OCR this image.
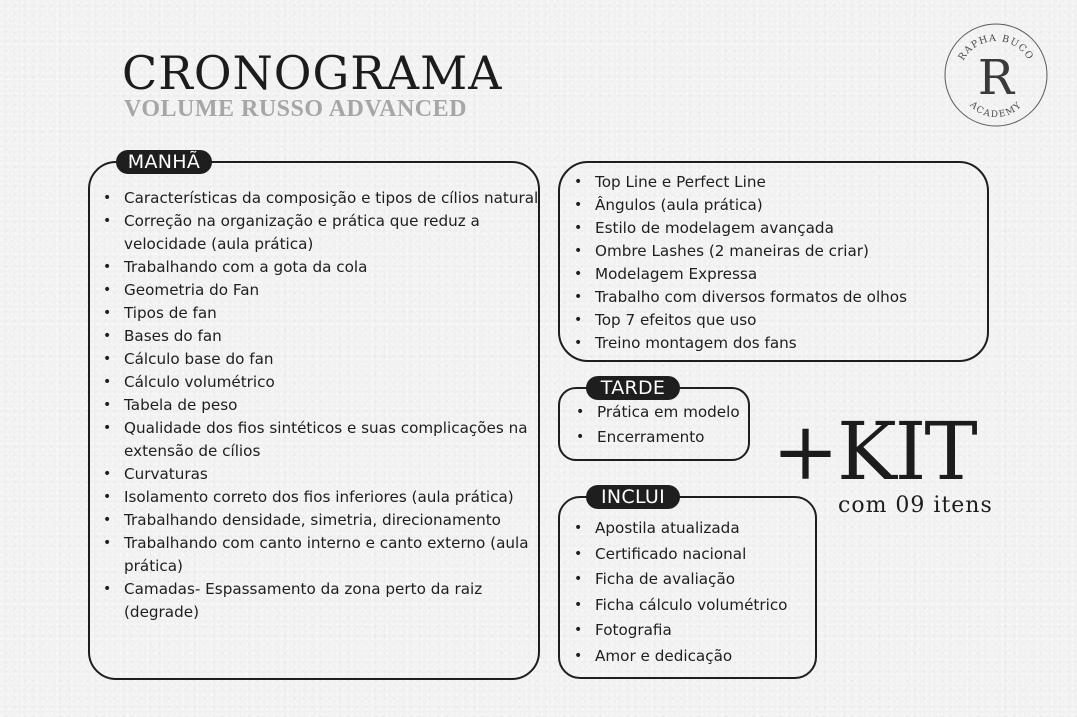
CRONOGRAMA
VOLUME RUSSO ADVANCED
RAPHA BUCO
R
ACADEMY
MANHÃ
• Características da composição e tipos de cílios natural
• Correção na organização e prática que reduz a velocidade (aula prática)
• Trabalhando com a gota da cola
• Geometria do Fan
• Tipos de fan
• Bases do fan
• Cálculo base do fan
• Cálculo volumétrico
• Tabela de peso
• Qualidade dos fios sintéticos e suas complicações na extensão de cílios
• Curvaturas
• Isolamento correto dos fios inferiores (aula prática)
• Trabalhando densidade, simetria, direcionamento
• Trabalhando com canto interno e canto externo (aula prática)
• Camadas- Espassamento da zona perto da raiz (degrade)
• Top Line e Perfect Line
• Ângulos (aula prática)
• Estilo de modelagem avançada
• Ombre Lashes (2 maneiras de criar)
• Modelagem Expressa
• Trabalho com diversos formatos de olhos
• Top 7 efeitos que uso
• Treino montagem dos fans
TARDE
• Prática em modelo
• Encerramento
INCLUI
• Apostila atualizada
• Certificado nacional
• Ficha de avaliação
• Ficha cálculo volumétrico
• Fotografia
• Amor e dedicação
+KIT
com 09 itens
